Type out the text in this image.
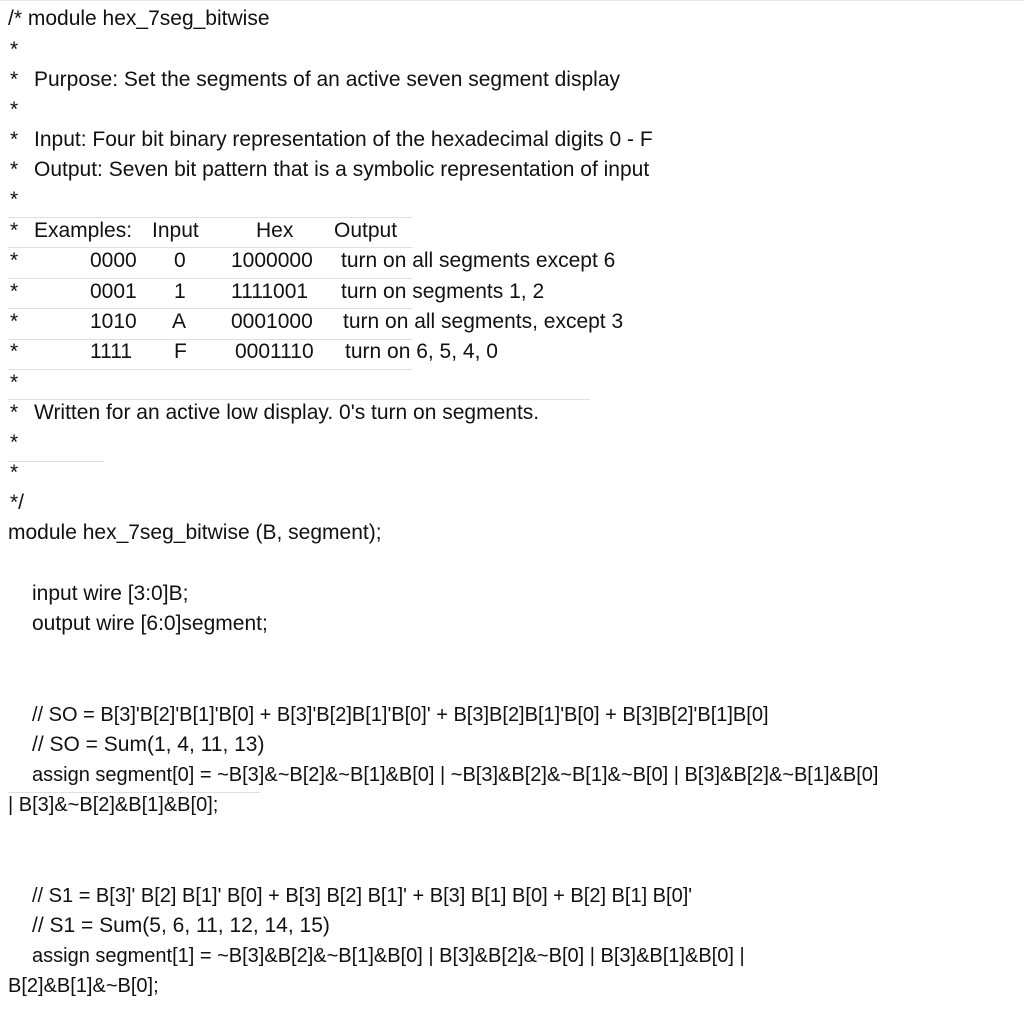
/* module hex_7seg_bitwise
*
* Purpose: Set the segments of an active seven segment display
*
* Input: Four bit binary representation of the hexadecimal digits 0 - F
* Output: Seven bit pattern that is a symbolic representation of input
*
* Examples: Input	Hex Output
*	0000 0 1000000 turn on all segments except 6
*	0001 1 1111001 turn on segments 1, 2
*	1010 A 0001000 turn on all segments, except 3
*	1111 F 0001110 turn on 6, 5, 4, 0
*
* Written for an active low display. 0's turn on segments.
*
*
*/
module hex_7seg_bitwise (B, segment);
input wire [3:0]B;
output wire [6:0]segment;
// SO = B[3]'B[2]'B[1]'B[0] + B[3]'B[2]B[1]'B[0]' + B[3]B[2]B[1]'B[0] + B[3]B[2]'B[1]B[0]
// SO = Sum(1, 4, 11, 13)
assign segment[0] = ~B[3]&~B[2]&~B[1]&B[0] | ~B[3]&B[2]&~B[1]&~B[0] | B[3]&B[2]&~B[1]&B[0]
| B[3]&~B[2]&B[1]&B[0];
// S1 = B[3]' B[2] B[1]' B[0] + B[3] B[2] B[1]' + B[3] B[1] B[0] + B[2] B[1] B[0]'
// S1 = Sum(5, 6, 11, 12, 14, 15)
assign segment[1] = ~B[3]&B[2]&~B[1]&B[0] | B[3]&B[2]&~B[0] | B[3]&B[1]&B[0] |
B[2]&B[1]&~B[0];
